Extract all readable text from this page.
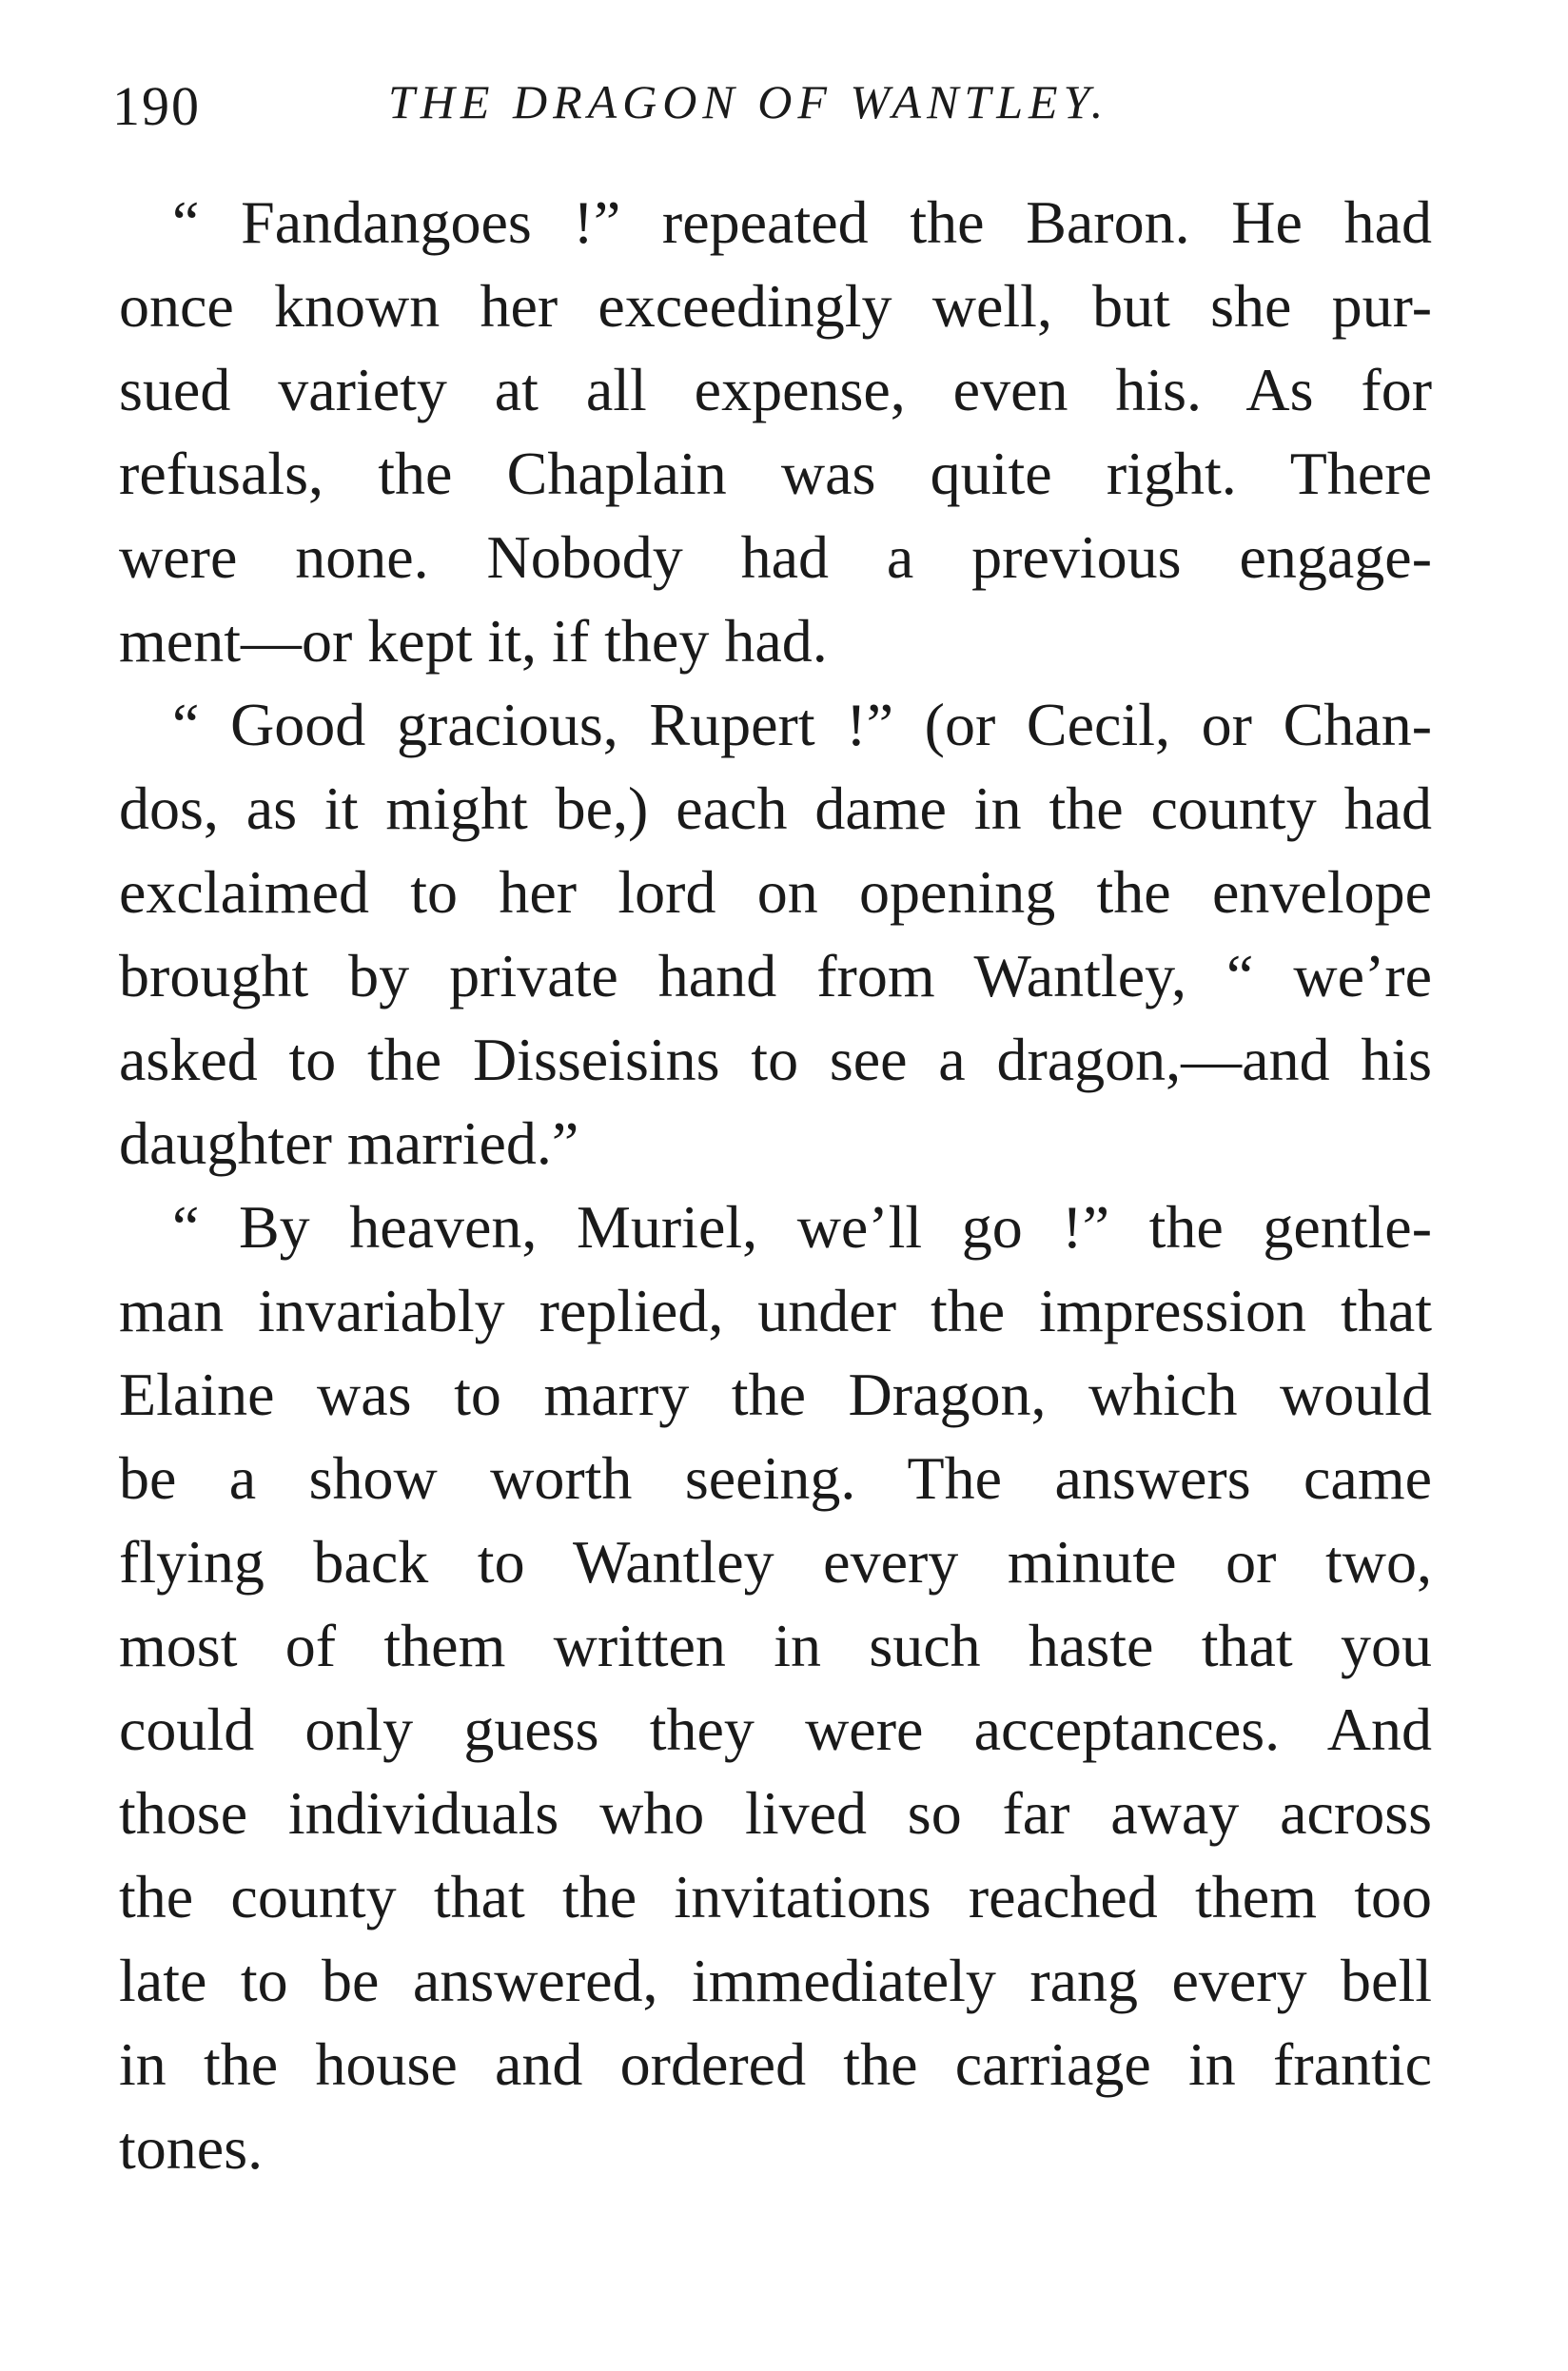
190	THE DRAGON OF WANTLEY.
“ Fandangoes !” repeated the Baron. He had
once known her exceedingly well, but she pur-
sued variety at all expense, even his. As for
refusals, the Chaplain was quite right. There
were none. Nobody had a previous engage-
ment—or kept it, if they had.
“ Good gracious, Rupert !” (or Cecil, or Chan-
dos, as it might be,) each dame in the county had
exclaimed to her lord on opening the envelope
brought by private hand from Wantley, “ we’re
asked to the Disseisins to see a dragon,—and his
daughter married.”
“ By heaven, Muriel, we’ll go !” the gentle-
man invariably replied, under the impression that
Elaine was to marry the Dragon, which would
be a show worth seeing. The answers came
flying back to Wantley every minute or two,
most of them written in such haste that you
could only guess they were acceptances. And
those individuals who lived so far away across
the county that the invitations reached them too
late to be answered, immediately rang every bell
in the house and ordered the carriage in frantic
tones.
